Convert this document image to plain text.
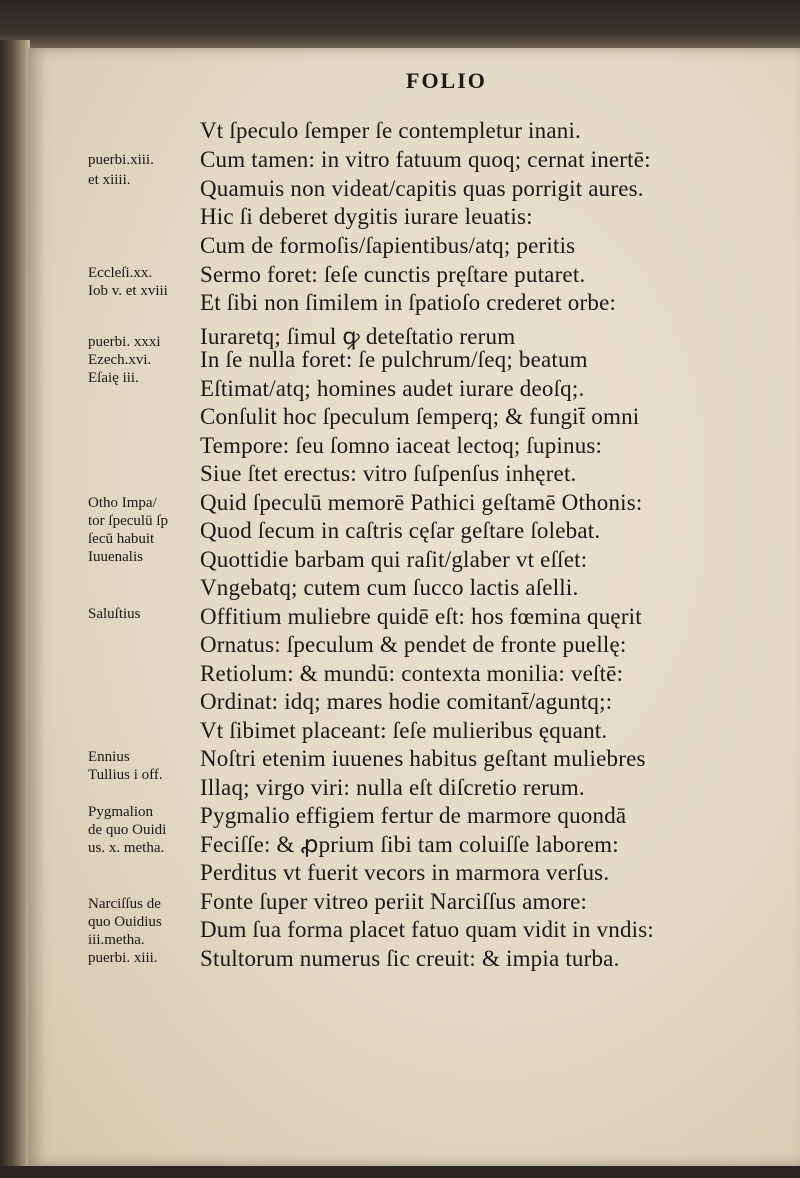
FOLIO
Vt ſpeculo ſemper ſe contempletur inani.
Cum tamen: in vitro fatuum quoq; cernat inertē:
Quamuis non videat/capitis quas porrigit aures.
Hic ſi deberet dygitis iurare leuatis:
Cum de formoſis/ſapientibus/atq; peritis
Sermo foret: ſeſe cunctis pręſtare putaret.
Et ſibi non ſimilem in ſpatioſo crederet orbe:
Iuraretq; ſimul ꝙ deteſtatio rerum
In ſe nulla foret: ſe pulchrum/ſeq; beatum
Eſtimat/atq; homines audet iurare deoſq;.
Conſulit hoc ſpeculum ſemperq; & fungit̄ omni
Tempore: ſeu ſomno iaceat lectoq; ſupinus:
Siue ſtet erectus: vitro ſuſpenſus inhęret.
Quid ſpeculū memorē Pathici geſtamē Othonis:
Quod ſecum in caſtris cęſar geſtare ſolebat.
Quottidie barbam qui raſit/glaber vt eſſet:
Vngebatq; cutem cum ſucco lactis aſelli.
Offitium muliebre quidē eſt: hos fœmina quęrit
Ornatus: ſpeculum & pendet de fronte puellę:
Retiolum: & mundū: contexta monilia: veſtē:
Ordinat: idq; mares hodie comitant̄/aguntq;:
Vt ſibimet placeant: ſeſe mulieribus ęquant.
Noſtri etenim iuuenes habitus geſtant muliebres
Illaq; virgo viri: nulla eſt diſcretio rerum.
Pygmalio effigiem fertur de marmore quondā
Feciſſe: & ꝓprium ſibi tam coluiſſe laborem:
Perditus vt fuerit vecors in marmora verſus.
Fonte ſuper vitreo periit Narciſſus amore:
Dum ſua forma placet fatuo quam vidit in vndis:
Stultorum numerus ſic creuit: & impia turba.
puerbi.xiii.
et xiiii.
Eccleſi.xx.
Iob v. et xviii
puerbi. xxxi
Ezech.xvi.
Eſaię iii.
Otho Impa/
tor ſpeculū ſp
ſecū habuit
Iuuenalis
Saluſtius
Ennius
Tullius i off.
Pygmalion
de quo Ouidi
us. x. metha.
Narciſſus de
quo Ouidius
iii.metha.
puerbi. xiii.
